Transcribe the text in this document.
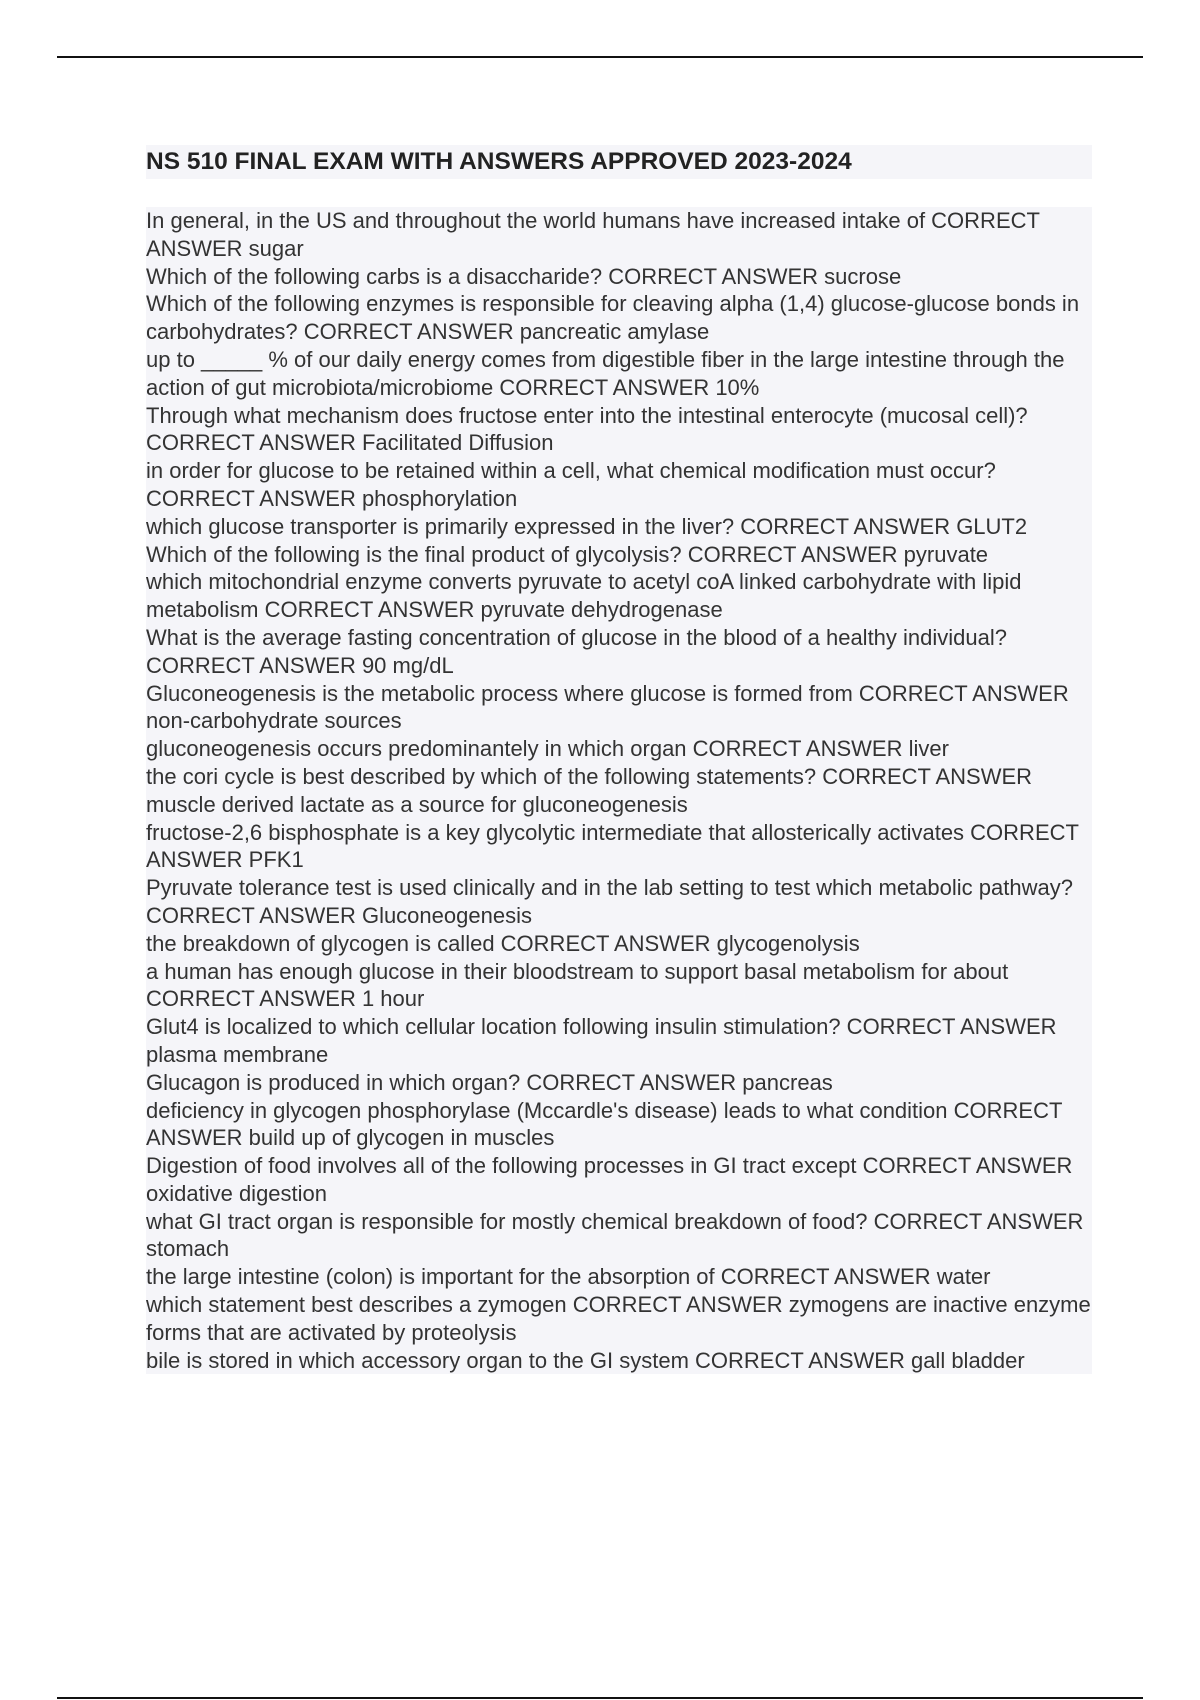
NS 510 FINAL EXAM WITH ANSWERS APPROVED 2023-2024

In general, in the US and throughout the world humans have increased intake of CORRECT ANSWER sugar

Which of the following carbs is a disaccharide? CORRECT ANSWER sucrose

Which of the following enzymes is responsible for cleaving alpha (1,4) glucose-glucose bonds in carbohydrates? CORRECT ANSWER pancreatic amylase

up to _____ % of our daily energy comes from digestible fiber in the large intestine through the action of gut microbiota/microbiome CORRECT ANSWER 10%

Through what mechanism does fructose enter into the intestinal enterocyte (mucosal cell)? CORRECT ANSWER Facilitated Diffusion

in order for glucose to be retained within a cell, what chemical modification must occur? CORRECT ANSWER phosphorylation

which glucose transporter is primarily expressed in the liver? CORRECT ANSWER GLUT2

Which of the following is the final product of glycolysis? CORRECT ANSWER pyruvate

which mitochondrial enzyme converts pyruvate to acetyl coA linked carbohydrate with lipid metabolism CORRECT ANSWER pyruvate dehydrogenase

What is the average fasting concentration of glucose in the blood of a healthy individual? CORRECT ANSWER 90 mg/dL

Gluconeogenesis is the metabolic process where glucose is formed from CORRECT ANSWER non-carbohydrate sources

gluconeogenesis occurs predominantely in which organ CORRECT ANSWER liver

the cori cycle is best described by which of the following statements? CORRECT ANSWER muscle derived lactate as a source for gluconeogenesis

fructose-2,6 bisphosphate is a key glycolytic intermediate that allosterically activates CORRECT ANSWER PFK1

Pyruvate tolerance test is used clinically and in the lab setting to test which metabolic pathway? CORRECT ANSWER Gluconeogenesis

the breakdown of glycogen is called CORRECT ANSWER glycogenolysis

a human has enough glucose in their bloodstream to support basal metabolism for about CORRECT ANSWER 1 hour

Glut4 is localized to which cellular location following insulin stimulation? CORRECT ANSWER plasma membrane

Glucagon is produced in which organ? CORRECT ANSWER pancreas

deficiency in glycogen phosphorylase (Mccardle's disease) leads to what condition CORRECT ANSWER build up of glycogen in muscles

Digestion of food involves all of the following processes in GI tract except CORRECT ANSWER oxidative digestion

what GI tract organ is responsible for mostly chemical breakdown of food? CORRECT ANSWER stomach

the large intestine (colon) is important for the absorption of CORRECT ANSWER water

which statement best describes a zymogen CORRECT ANSWER zymogens are inactive enzyme forms that are activated by proteolysis

bile is stored in which accessory organ to the GI system CORRECT ANSWER gall bladder
